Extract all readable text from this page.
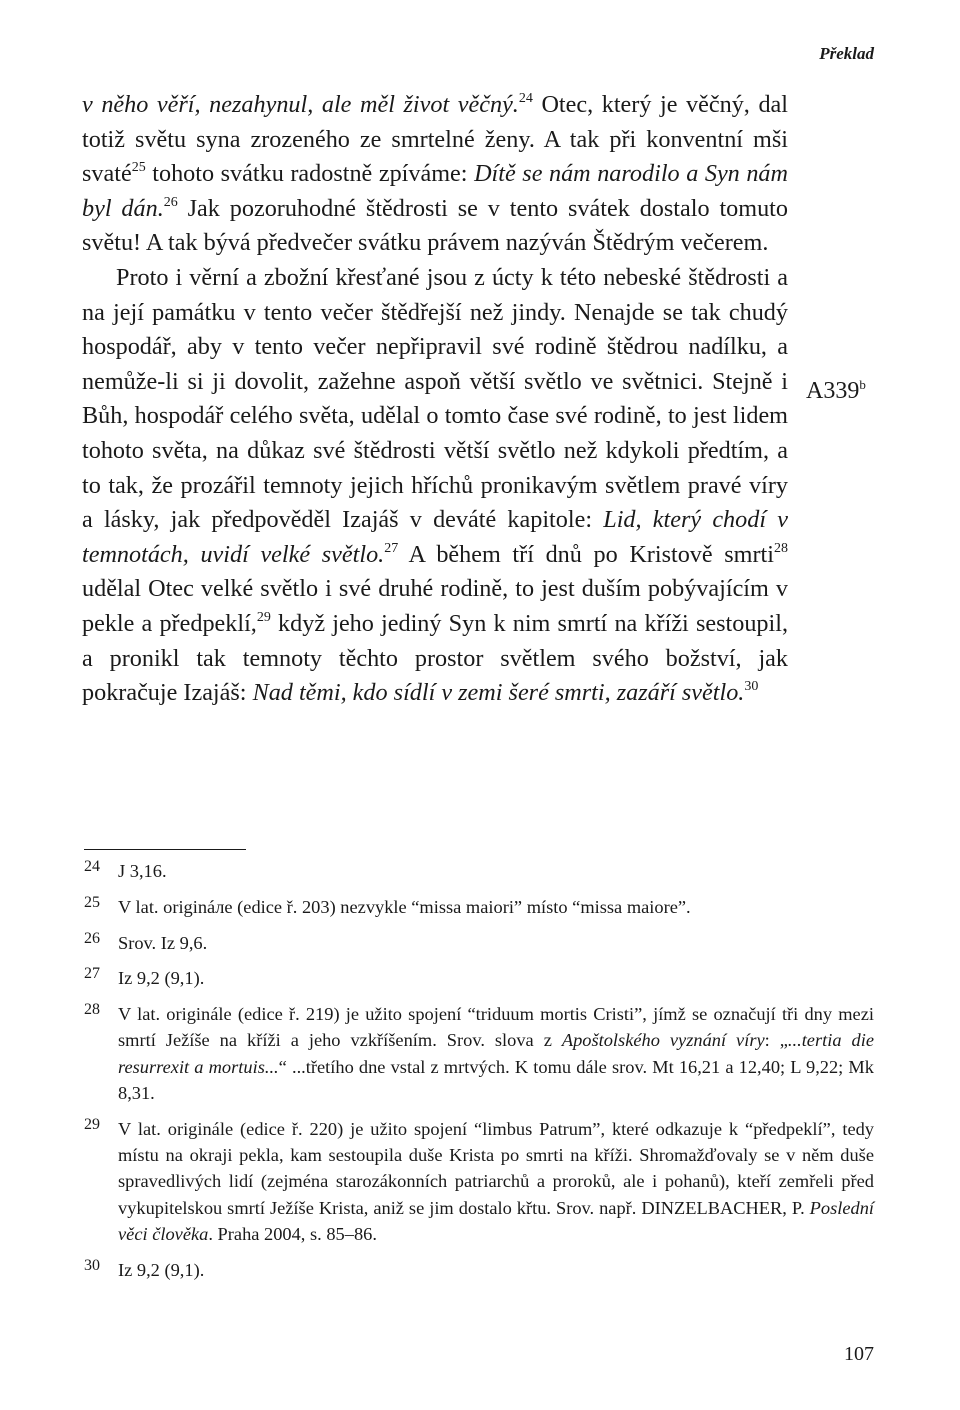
Překlad

v něho věří, nezahynul, ale měl život věčný.$^{24}$ Otec, který je věčný, dal totiž světu syna zrozeného ze smrtelné ženy. A tak při konventní mši svaté$^{25}$ tohoto svátku radostně zpíváme: Dítě se nám narodilo a Syn nám byl dán.$^{26}$ Jak pozoruhodné štědrosti se v tento svátek dostalo tomuto světu! A tak bývá předvečer svátku právem nazýván Štědrým večerem.

Proto i věrní a zbožní křesťané jsou z úcty k této nebeské štědrosti a na její památku v tento večer štědřejší než jindy. Nenajde se tak chudý hospodář, aby v tento večer nepřipravil své rodině štědrou nadílku, a nemůže-li si ji dovolit, zažehne aspoň větší světlo ve světnici. Stejně i Bůh, hospodář celého světa, udělal o tomto čase své rodině, to jest lidem tohoto světa, na důkaz své štědrosti větší světlo než kdykoli předtím, a to tak, že prozářil temnoty jejich hříchů pronikavým světlem pravé víry a lásky, jak předpověděl Izajáš v deváté kapitole: Lid, který chodí v temnotách, uvidí velké světlo.$^{27}$ A během tří dnů po Kristově smrti$^{28}$ udělal Otec velké světlo i své druhé rodině, to jest duším pobývajícím v pekle a předpeklí,$^{29}$ když jeho jediný Syn k nim smrtí na kříži sestoupil, a pronikl tak temnoty těchto prostor světlem svého božství, jak pokračuje Izajáš: Nad těmi, kdo sídlí v zemi šeré smrti, zazáří světlo.$^{30}$

A339$^b$
24 J 3,16.
25 V lat. origináле (edice ř. 203) nezvykle “missa maiori” místo “missa maiore”.
26 Srov. Iz 9,6.
27 Iz 9,2 (9,1).
28 V lat. originále (edice ř. 219) je užito spojení “triduum mortis Cristi”, jímž se označují tři dny mezi smrtí Ježíše na kříži a jeho vzkříšením. Srov. slova z Apoštolského vyznání víry: „...tertia die resurrexit a mortuis...“ ...třetího dne vstal z mrtvých. K tomu dále srov. Mt 16,21 a 12,40; L 9,22; Mk 8,31.
29 V lat. originále (edice ř. 220) je užito spojení “limbus Patrum”, které odkazuje k “předpeklí”, tedy místu na okraji pekla, kam sestoupila duše Krista po smrti na kříži. Shromažďovaly se v něm duše spravedlivých lidí (zejména starozákonních patriarchů a proroků, ale i pohanů), kteří zemřeli před vykupitelskou smrtí Ježíše Krista, aniž se jim dostalo křtu. Srov. např. DINZELBACHER, P. Poslední věci člověka. Praha 2004, s. 85–86.
30 Iz 9,2 (9,1).
107
